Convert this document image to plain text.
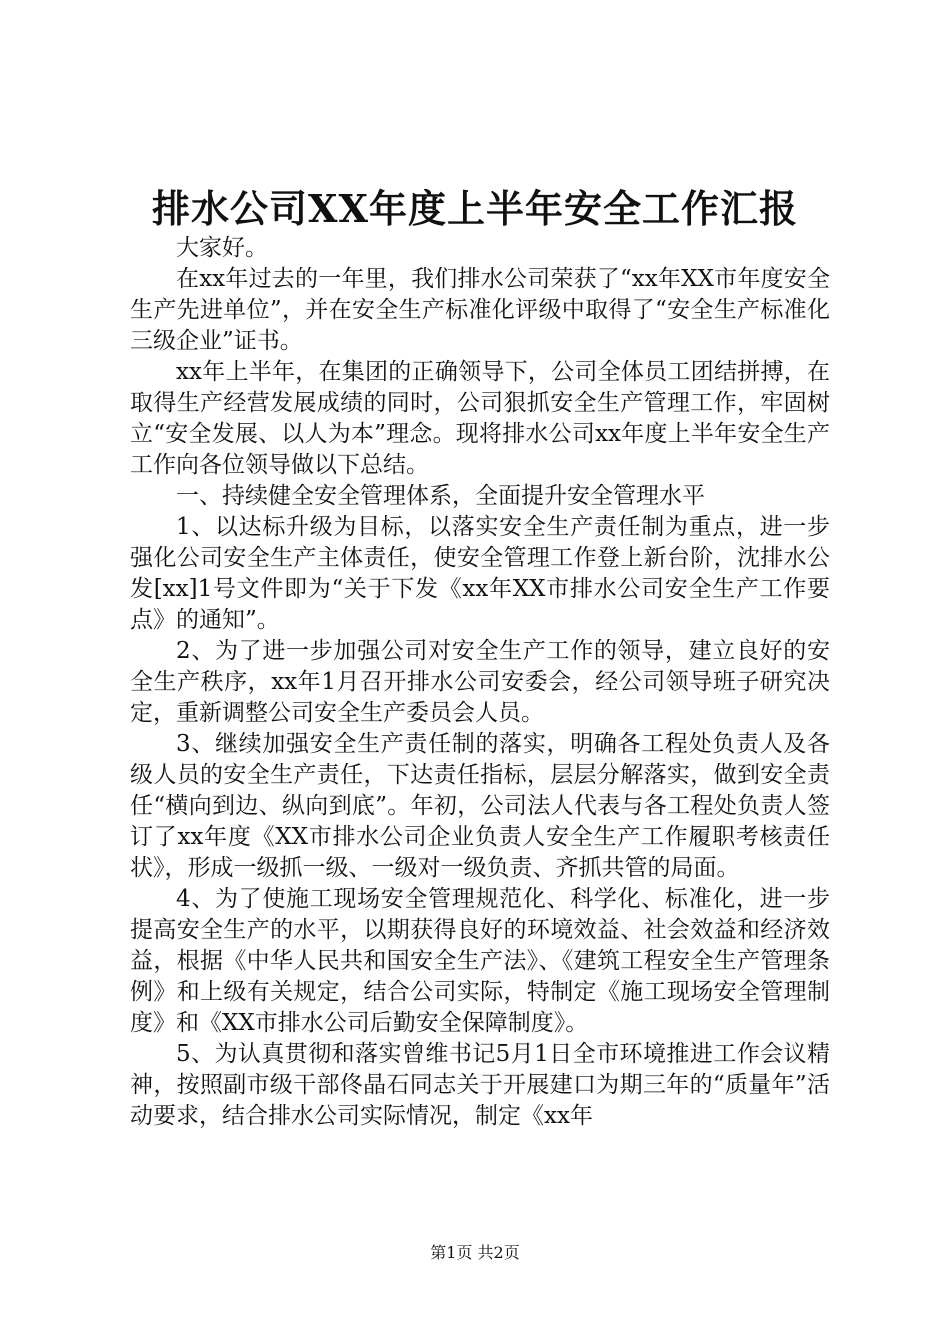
排水公司XX年度上半年安全工作汇报

大家好。

在xx年过去的一年里，我们排水公司荣获了“xx年XX市年度安全生产先进单位”，并在安全生产标准化评级中取得了“安全生产标准化三级企业”证书。

xx年上半年，在集团的正确领导下，公司全体员工团结拼搏，在取得生产经营发展成绩的同时，公司狠抓安全生产管理工作，牢固树立“安全发展、以人为本”理念。现将排水公司xx年度上半年安全生产工作向各位领导做以下总结。

一、持续健全安全管理体系，全面提升安全管理水平

1、以达标升级为目标，以落实安全生产责任制为重点，进一步强化公司安全生产主体责任，使安全管理工作登上新台阶，沈排水公发[xx]1号文件即为“关于下发《xx年XX市排水公司安全生产工作要点》的通知”。

2、为了进一步加强公司对安全生产工作的领导，建立良好的安全生产秩序，xx年1月召开排水公司安委会，经公司领导班子研究决定，重新调整公司安全生产委员会人员。

3、继续加强安全生产责任制的落实，明确各工程处负责人及各级人员的安全生产责任，下达责任指标，层层分解落实，做到安全责任“横向到边、纵向到底”。年初，公司法人代表与各工程处负责人签订了xx年度《XX市排水公司企业负责人安全生产工作履职考核责任状》，形成一级抓一级、一级对一级负责、齐抓共管的局面。

4、为了使施工现场安全管理规范化、科学化、标准化，进一步提高安全生产的水平，以期获得良好的环境效益、社会效益和经济效益，根据《中华人民共和国安全生产法》、《建筑工程安全生产管理条例》和上级有关规定，结合公司实际，特制定《施工现场安全管理制度》和《XX市排水公司后勤安全保障制度》。

5、为认真贯彻和落实曾维书记5月1日全市环境推进工作会议精神，按照副市级干部佟晶石同志关于开展建口为期三年的“质量年”活动要求，结合排水公司实际情况，制定《xx年

第1页 共2页
